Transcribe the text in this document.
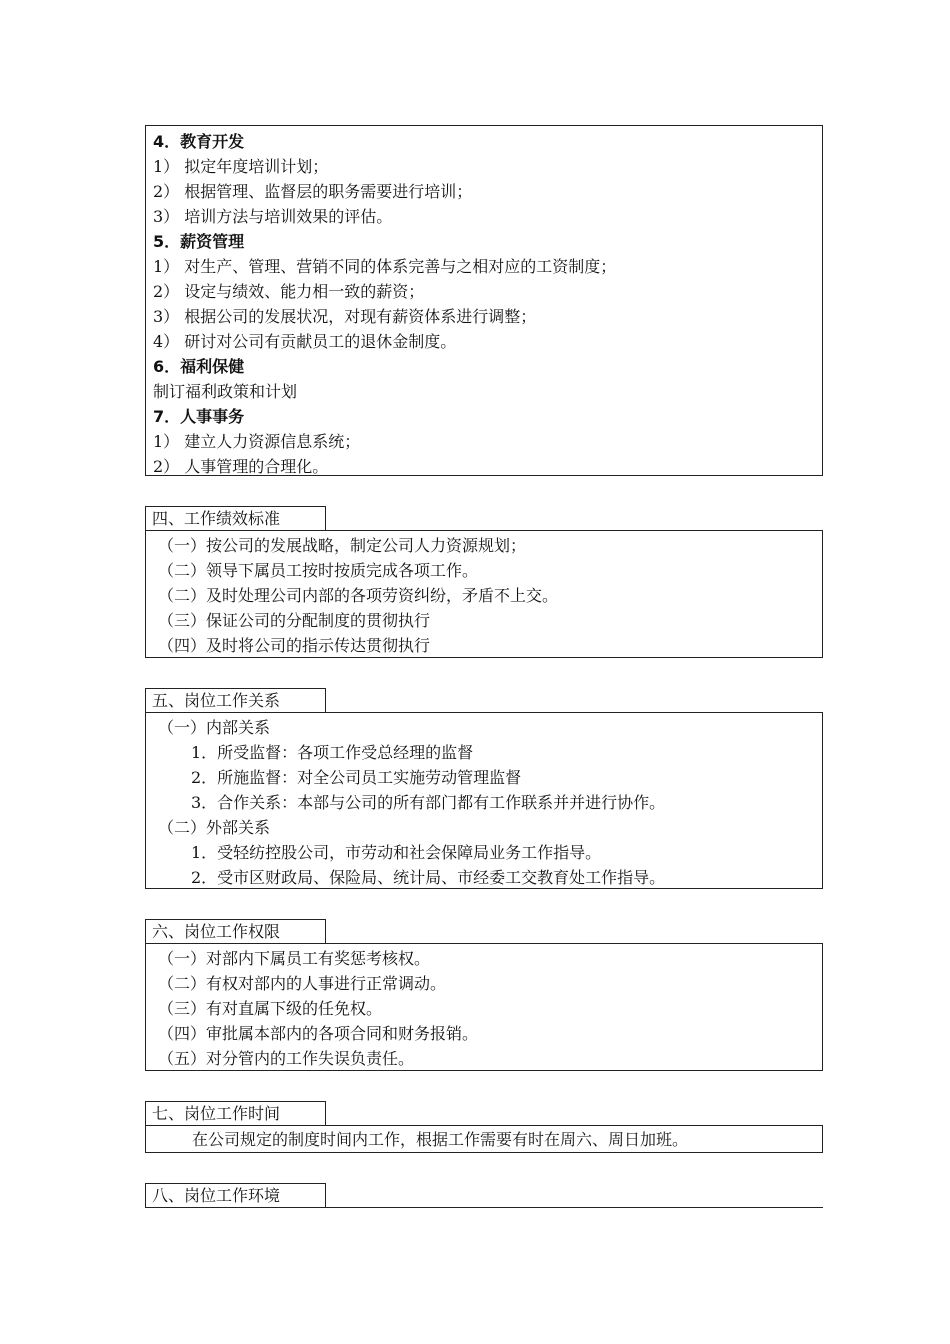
4．教育开发
1） 拟定年度培训计划；
2） 根据管理、监督层的职务需要进行培训；
3） 培训方法与培训效果的评估。
5．薪资管理
1） 对生产、管理、营销不同的体系完善与之相对应的工资制度；
2） 设定与绩效、能力相一致的薪资；
3） 根据公司的发展状况，对现有薪资体系进行调整；
4） 研讨对公司有贡献员工的退休金制度。
6．福利保健
制订福利政策和计划
7．人事事务
1） 建立人力资源信息系统；
2） 人事管理的合理化。
四、工作绩效标准
（一）按公司的发展战略，制定公司人力资源规划；
（二）领导下属员工按时按质完成各项工作。
（二）及时处理公司内部的各项劳资纠纷，矛盾不上交。
（三）保证公司的分配制度的贯彻执行
（四）及时将公司的指示传达贯彻执行
五、岗位工作关系
（一）内部关系
1．所受监督：各项工作受总经理的监督
2．所施监督：对全公司员工实施劳动管理监督
3．合作关系：本部与公司的所有部门都有工作联系并并进行协作。
（二）外部关系
1．受轻纺控股公司，市劳动和社会保障局业务工作指导。
2．受市区财政局、保险局、统计局、市经委工交教育处工作指导。
六、岗位工作权限
（一）对部内下属员工有奖惩考核权。
（二）有权对部内的人事进行正常调动。
（三）有对直属下级的任免权。
（四）审批属本部内的各项合同和财务报销。
（五）对分管内的工作失误负责任。
七、岗位工作时间
在公司规定的制度时间内工作，根据工作需要有时在周六、周日加班。
八、岗位工作环境
